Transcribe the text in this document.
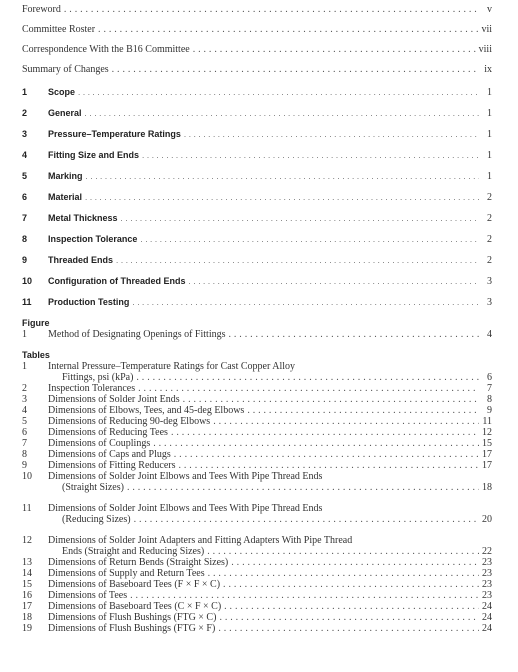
Foreword . . .	v
Committee Roster . . .	vii
Correspondence With the B16 Committee . . .	viii
Summary of Changes . . .	ix
1	Scope . . .	1
2	General . . .	1
3	Pressure–Temperature Ratings . . .	1
4	Fitting Size and Ends . . .	1
5	Marking . . .	1
6	Material . . .	2
7	Metal Thickness . . .	2
8	Inspection Tolerance . . .	2
9	Threaded Ends . . .	2
10	Configuration of Threaded Ends . . .	3
11	Production Testing . . .	3
Figure
1	Method of Designating Openings of Fittings . . .	4
Tables
1	Internal Pressure–Temperature Ratings for Cast Copper Alloy
Fittings, psi (kPa) . . .	6
2	Inspection Tolerances . . .	7
3	Dimensions of Solder Joint Ends . . .	8
4	Dimensions of Elbows, Tees, and 45-deg Elbows . . .	9
5	Dimensions of Reducing 90-deg Elbows . . .	11
6	Dimensions of Reducing Tees . . .	12
7	Dimensions of Couplings . . .	15
8	Dimensions of Caps and Plugs . . .	17
9	Dimensions of Fitting Reducers . . .	17
10	Dimensions of Solder Joint Elbows and Tees With Pipe Thread Ends
(Straight Sizes) . . .	18
11	Dimensions of Solder Joint Elbows and Tees With Pipe Thread Ends
(Reducing Sizes) . . .	20
12	Dimensions of Solder Joint Adapters and Fitting Adapters With Pipe Thread
Ends (Straight and Reducing Sizes) . . .	22
13	Dimensions of Return Bends (Straight Sizes) . . .	23
14	Dimensions of Supply and Return Tees . . .	23
15	Dimensions of Baseboard Tees (F × F × C) . . .	23
16	Dimensions of Tees . . .	23
17	Dimensions of Baseboard Tees (C × F × C) . . .	24
18	Dimensions of Flush Bushings (FTG × C) . . .	24
19	Dimensions of Flush Bushings (FTG × F) . . .	24
